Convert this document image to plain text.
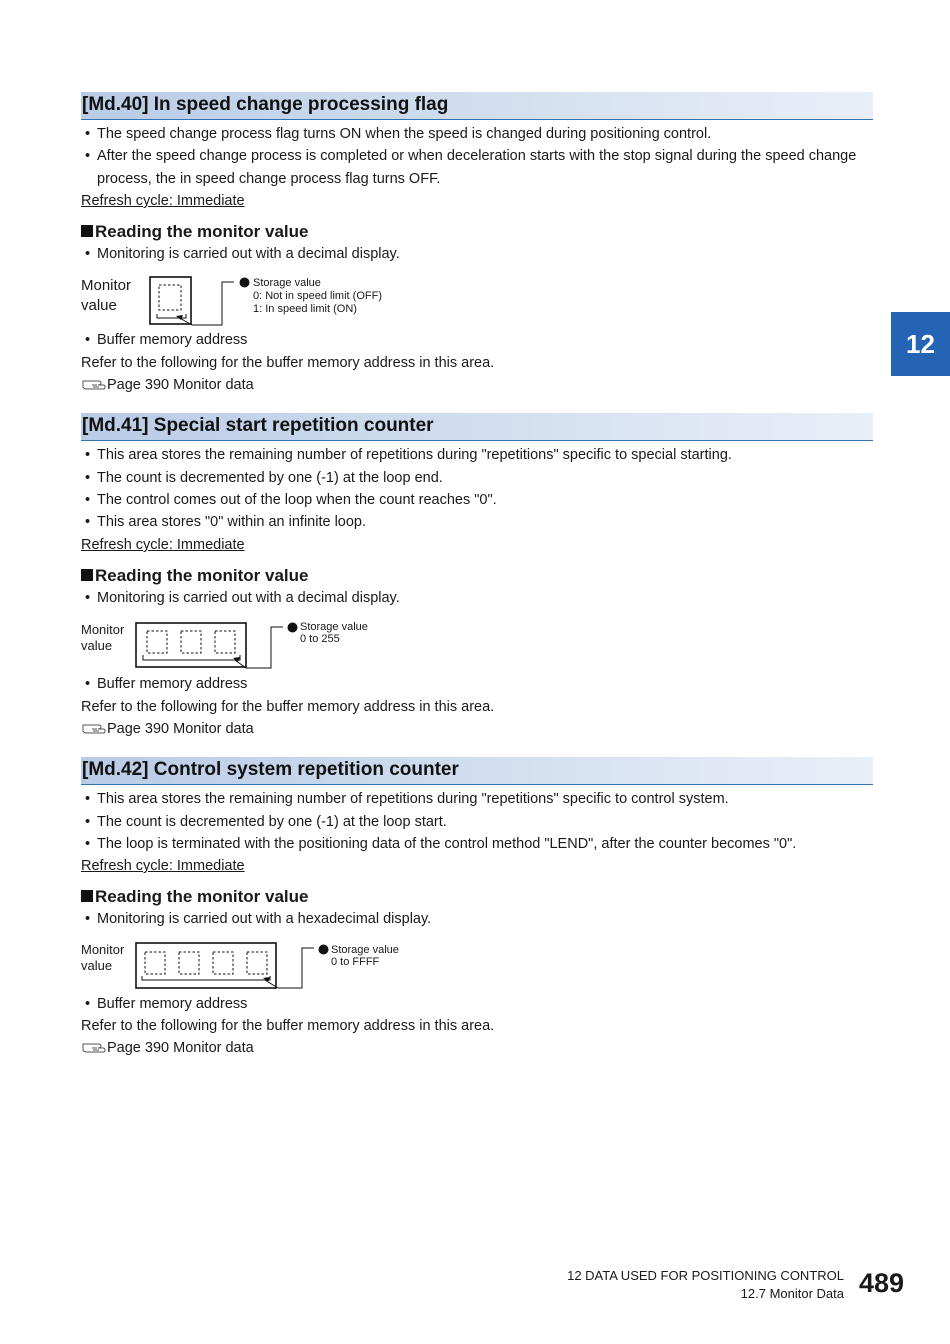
12
[Md.40] In speed change processing flag
• The speed change process flag turns ON when the speed is changed during positioning control.
• After the speed change process is completed or when deceleration starts with the stop signal during the speed change
process, the in speed change process flag turns OFF.
Refresh cycle: Immediate
Reading the monitor value
• Monitoring is carried out with a decimal display.
Monitor
value
Storage value
0: Not in speed limit (OFF)
1: In speed limit (ON)
• Buffer memory address
Refer to the following for the buffer memory address in this area.
Page 390 Monitor data
[Md.41] Special start repetition counter
• This area stores the remaining number of repetitions during "repetitions" specific to special starting.
• The count is decremented by one (-1) at the loop end.
• The control comes out of the loop when the count reaches "0".
• This area stores "0" within an infinite loop.
Refresh cycle: Immediate
Reading the monitor value
• Monitoring is carried out with a decimal display.
Monitor
value
Storage value
0 to 255
• Buffer memory address
Refer to the following for the buffer memory address in this area.
Page 390 Monitor data
[Md.42] Control system repetition counter
• This area stores the remaining number of repetitions during "repetitions" specific to control system.
• The count is decremented by one (-1) at the loop start.
• The loop is terminated with the positioning data of the control method "LEND", after the counter becomes "0".
Refresh cycle: Immediate
Reading the monitor value
• Monitoring is carried out with a hexadecimal display.
Monitor
value
Storage value
0 to FFFF
• Buffer memory address
Refer to the following for the buffer memory address in this area.
Page 390 Monitor data
12 DATA USED FOR POSITIONING CONTROL
12.7 Monitor Data 489
